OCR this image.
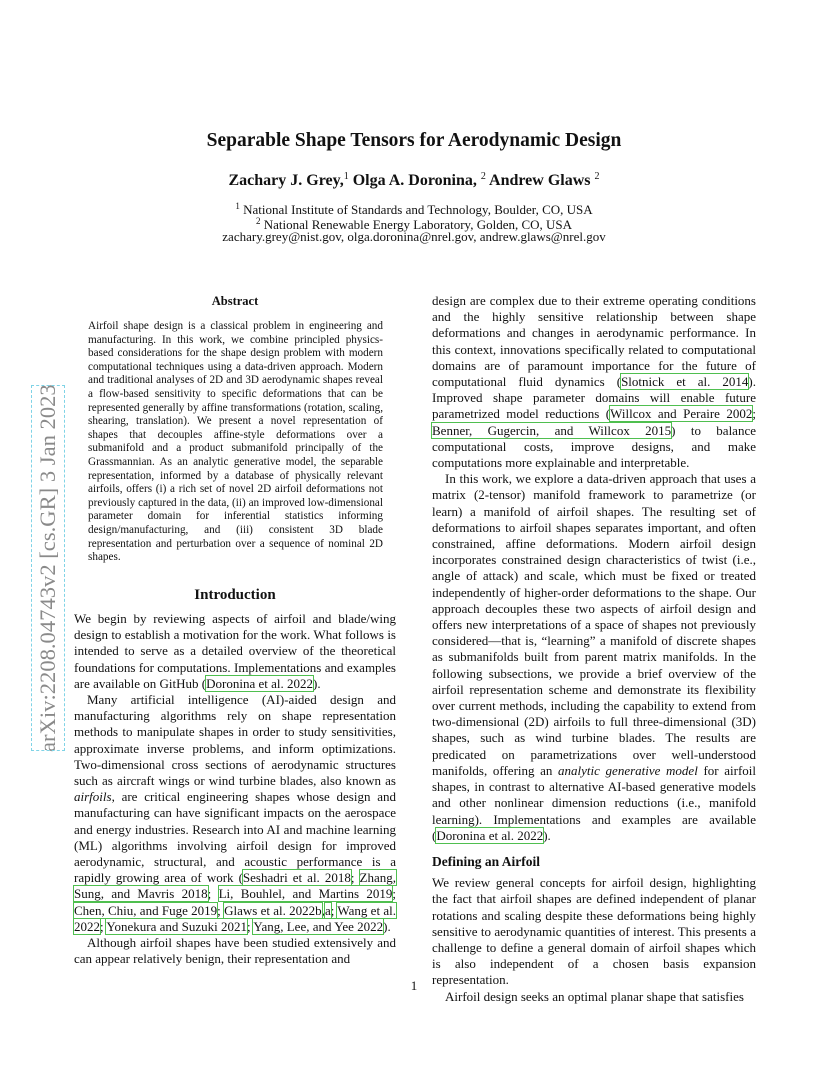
arXiv:2208.04743v2 [cs.GR] 3 Jan 2023
Separable Shape Tensors for Aerodynamic Design
Zachary J. Grey,$^1$ Olga A. Doronina, $^2$ Andrew Glaws $^2$
$^1$ National Institute of Standards and Technology, Boulder, CO, USA
$^2$ National Renewable Energy Laboratory, Golden, CO, USA
zachary.grey@nist.gov, olga.doronina@nrel.gov, andrew.glaws@nrel.gov
Abstract
Airfoil shape design is a classical problem in engineering and manufacturing. In this work, we combine principled physics-based considerations for the shape design problem with modern computational techniques using a data-driven approach. Modern and traditional analyses of 2D and 3D aerodynamic shapes reveal a flow-based sensitivity to specific deformations that can be represented generally by affine transformations (rotation, scaling, shearing, translation). We present a novel representation of shapes that decouples affine-style deformations over a submanifold and a product submanifold principally of the Grassmannian. As an analytic generative model, the separable representation, informed by a database of physically relevant airfoils, offers (i) a rich set of novel 2D airfoil deformations not previously captured in the data, (ii) an improved low-dimensional parameter domain for inferential statistics informing design/manufacturing, and (iii) consistent 3D blade representation and perturbation over a sequence of nominal 2D shapes.
Introduction

We begin by reviewing aspects of airfoil and blade/wing design to establish a motivation for the work. What follows is intended to serve as a detailed overview of the theoretical foundations for computations. Implementations and examples are available on GitHub (Doronina et al. 2022).

Many artificial intelligence (AI)-aided design and manufacturing algorithms rely on shape representation methods to manipulate shapes in order to study sensitivities, approximate inverse problems, and inform optimizations. Two-dimensional cross sections of aerodynamic structures such as aircraft wings or wind turbine blades, also known as airfoils, are critical engineering shapes whose design and manufacturing can have significant impacts on the aerospace and energy industries. Research into AI and machine learning (ML) algorithms involving airfoil design for improved aerodynamic, structural, and acoustic performance is a rapidly growing area of work (Seshadri et al. 2018; Zhang, Sung, and Mavris 2018; Li, Bouhlel, and Martins 2019; Chen, Chiu, and Fuge 2019; Glaws et al. 2022b,a; Wang et al. 2022; Yonekura and Suzuki 2021; Yang, Lee, and Yee 2022).

Although airfoil shapes have been studied extensively and can appear relatively benign, their representation and

design are complex due to their extreme operating conditions and the highly sensitive relationship between shape deformations and changes in aerodynamic performance. In this context, innovations specifically related to computational domains are of paramount importance for the future of computational fluid dynamics (Slotnick et al. 2014). Improved shape parameter domains will enable future parametrized model reductions (Willcox and Peraire 2002; Benner, Gugercin, and Willcox 2015) to balance computational costs, improve designs, and make computations more explainable and interpretable.

In this work, we explore a data-driven approach that uses a matrix (2-tensor) manifold framework to parametrize (or learn) a manifold of airfoil shapes. The resulting set of deformations to airfoil shapes separates important, and often constrained, affine deformations. Modern airfoil design incorporates constrained design characteristics of twist (i.e., angle of attack) and scale, which must be fixed or treated independently of higher-order deformations to the shape. Our approach decouples these two aspects of airfoil design and offers new interpretations of a space of shapes not previously considered—that is, “learning” a manifold of discrete shapes as submanifolds built from parent matrix manifolds. In the following subsections, we provide a brief overview of the airfoil representation scheme and demonstrate its flexibility over current methods, including the capability to extend from two-dimensional (2D) airfoils to full three-dimensional (3D) shapes, such as wind turbine blades. The results are predicated on parametrizations over well-understood manifolds, offering an analytic generative model for airfoil shapes, in contrast to alternative AI-based generative models and other nonlinear dimension reductions (i.e., manifold learning). Implementations and examples are available (Doronina et al. 2022).

Defining an Airfoil

We review general concepts for airfoil design, highlighting the fact that airfoil shapes are defined independent of planar rotations and scaling despite these deformations being highly sensitive to aerodynamic quantities of interest. This presents a challenge to define a general domain of airfoil shapes which is also independent of a chosen basis expansion representation.

Airfoil design seeks an optimal planar shape that satisfies

1
